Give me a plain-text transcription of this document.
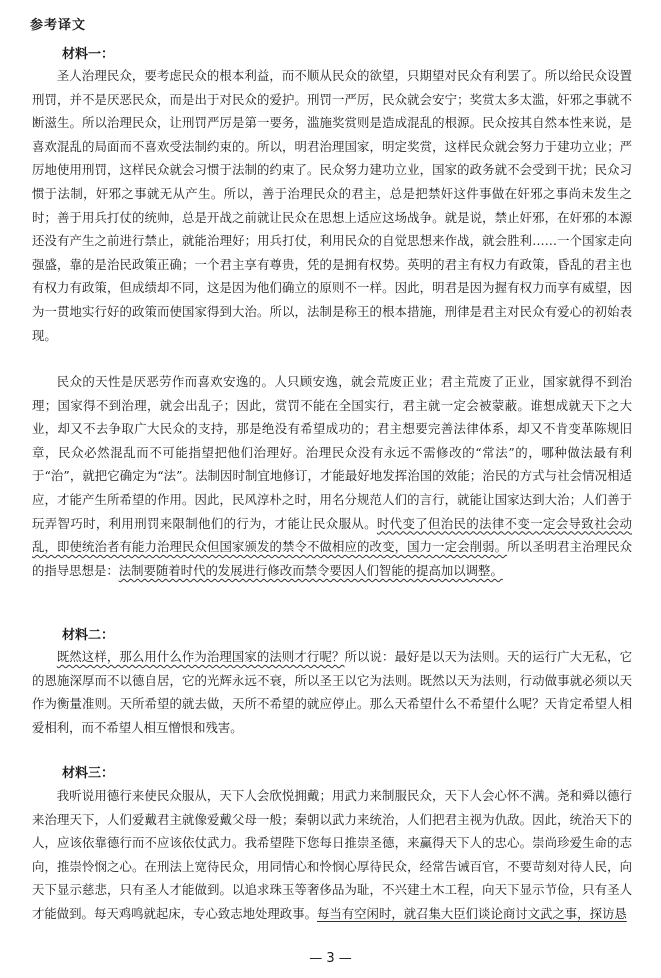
参考译文
材料一：
圣人治理民众，要考虑民众的根本利益，而不顺从民众的欲望，只期望对民众有利罢了。所以给民众设置刑罚，并不是厌恶民众，而是出于对民众的爱护。刑罚一严厉，民众就会安宁；奖赏太多太滥，奸邪之事就不断滋生。所以治理民众，让刑罚严厉是第一要务，滥施奖赏则是造成混乱的根源。民众按其自然本性来说，是喜欢混乱的局面而不喜欢受法制约束的。所以，明君治理国家，明定奖赏，这样民众就会努力于建功立业；严厉地使用刑罚，这样民众就会习惯于法制的约束了。民众努力建功立业，国家的政务就不会受到干扰；民众习惯于法制，奸邪之事就无从产生。所以，善于治理民众的君主，总是把禁奸这件事做在奸邪之事尚未发生之时；善于用兵打仗的统帅，总是开战之前就让民众在思想上适应这场战争。就是说，禁止奸邪，在奸邪的本源还没有产生之前进行禁止，就能治理好；用兵打仗，利用民众的自觉思想来作战，就会胜利……一个国家走向强盛，靠的是治民政策正确；一个君主享有尊贵，凭的是拥有权势。英明的君主有权力有政策，昏乱的君主也有权力有政策，但成绩却不同，这是因为他们确立的原则不一样。因此，明君是因为握有权力而享有威望，因为一贯地实行好的政策而使国家得到大治。所以，法制是称王的根本措施，刑律是君主对民众有爱心的初始表现。
民众的天性是厌恶劳作而喜欢安逸的。人只顾安逸，就会荒废正业；君主荒废了正业，国家就得不到治理；国家得不到治理，就会出乱子；因此，赏罚不能在全国实行，君主就一定会被蒙蔽。谁想成就天下之大业，却又不去争取广大民众的支持，那是绝没有希望成功的；君主想要完善法律体系，却又不肯变革陈规旧章，民众必然混乱而不可能指望把他们治理好。治理民众没有永远不需修改的“常法”的，哪种做法最有利于“治”，就把它确定为“法”。法制因时制宜地修订，才能最好地发挥治国的效能；治民的方式与社会情况相适应，才能产生所希望的作用。因此，民风淳朴之时，用名分规范人们的言行，就能让国家达到大治；人们善于玩弄智巧时，利用刑罚来限制他们的行为，才能让民众服从。时代变了但治民的法律不变一定会导致社会动乱，即使统治者有能力治理民众但国家颁发的禁令不做相应的改变，国力一定会削弱。所以圣明君主治理民众的指导思想是：法制要随着时代的发展进行修改而禁令要因人们智能的提高加以调整。
材料二：
既然这样，那么用什么作为治理国家的法则才行呢？所以说：最好是以天为法则。天的运行广大无私，它的恩施深厚而不以德自居，它的光辉永远不衰，所以圣王以它为法则。既然以天为法则，行动做事就必须以天作为衡量准则。天所希望的就去做，天所不希望的就应停止。那么天希望什么不希望什么呢？天肯定希望人相爱相利，而不希望人相互憎恨和残害。
材料三：
我听说用德行来使民众服从，天下人会欣悦拥戴；用武力来制服民众，天下人会心怀不满。尧和舜以德行来治理天下，人们爱戴君主就像爱戴父母一般；秦朝以武力来统治，人们把君主视为仇敌。因此，统治天下的人，应该依靠德行而不应该依仗武力。我希望陛下您每日推崇圣德，来赢得天下人的忠心。崇尚珍爱生命的志向，推崇怜悯之心。在刑法上宽待民众，用同情心和怜悯心厚待民众，经常告诫百官，不要苛刻对待人民，向天下显示慈悲，只有圣人才能做到。以追求珠玉等奢侈品为耻，不兴建土木工程，向天下显示节俭，只有圣人才能做到。每天鸡鸣就起床，专心致志地处理政事。每当有空闲时，就召集大臣们谈论商讨文武之事，探访恳
— 3 —
